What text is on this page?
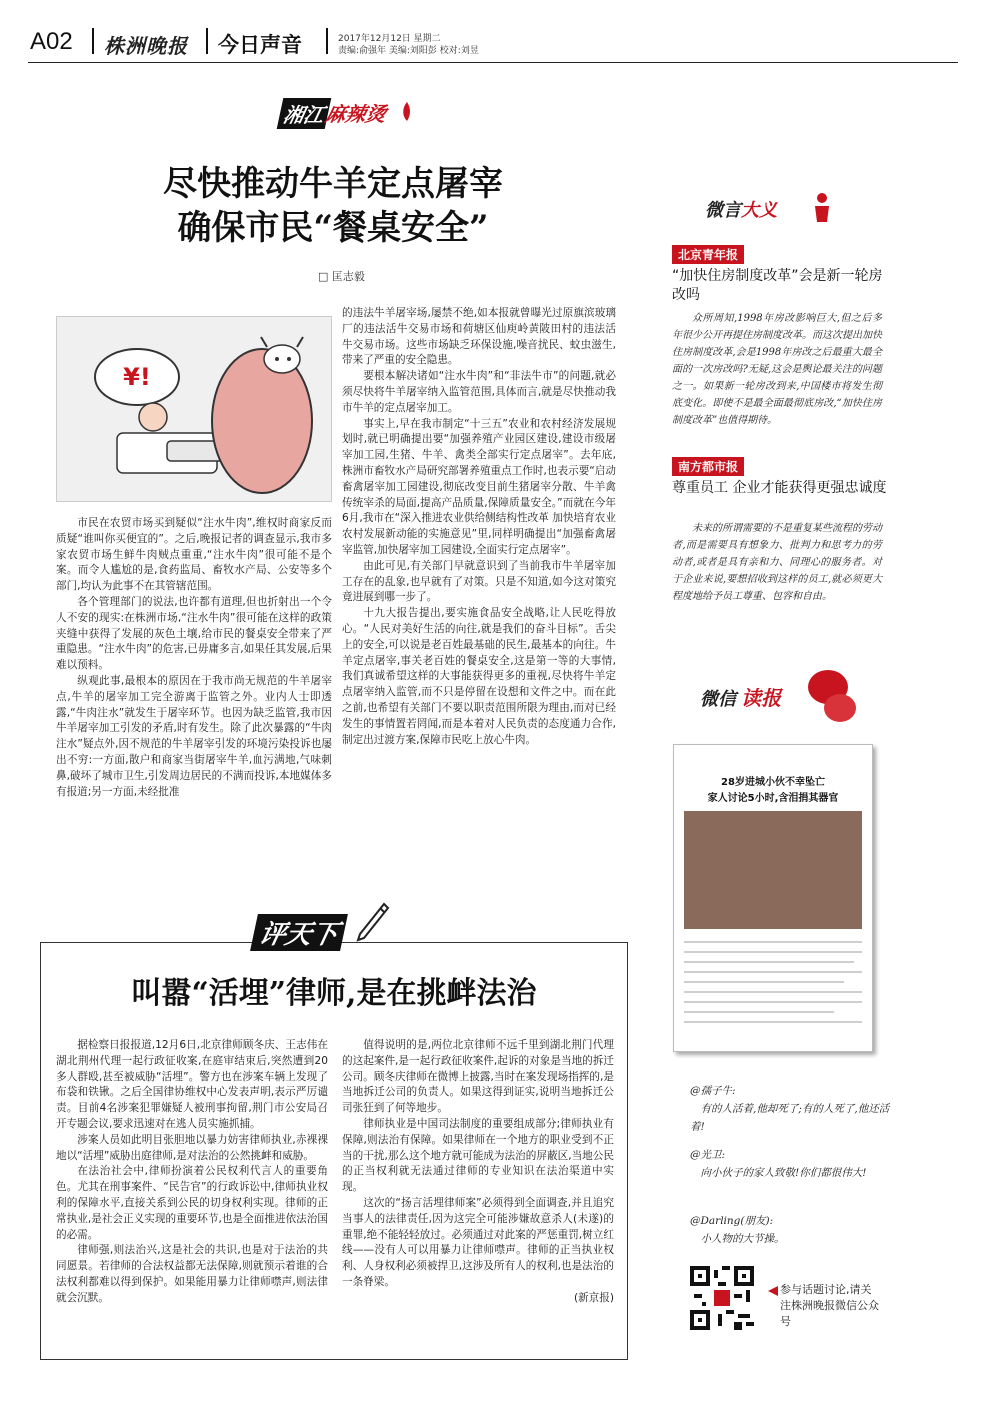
A02 株洲晚报 今日声音	2017年12月12日 星期二
责编:俞强年 美编:刘阳彭 校对:刘昱
湘江
麻辣烫
尽快推动牛羊定点屠宰
确保市民“餐桌安全”
□ 匡志毅
¥!

市民在农贸市场买到疑似“注水牛肉”,维权时商家反而质疑“谁叫你买便宜的”。之后,晚报记者的调查显示,我市多家农贸市场生鲜牛肉贼点重重,“注水牛肉”很可能不是个案。而令人尴尬的是,食药监局、畜牧水产局、公安等多个部门,均认为此事不在其管辖范围。

各个管理部门的说法,也许都有道理,但也折射出一个令人不安的现实:在株洲市场,“注水牛肉”很可能在这样的政策夹缝中获得了发展的灰色土壤,给市民的餐桌安全带来了严重隐患。“注水牛肉”的危害,已毋庸多言,如果任其发展,后果难以预料。

纵观此事,最根本的原因在于我市尚无规范的牛羊屠宰点,牛羊的屠宰加工完全游离于监管之外。业内人士即透露,“牛肉注水”就发生于屠宰环节。也因为缺乏监管,我市因牛羊屠宰加工引发的矛盾,时有发生。除了此次暴露的“牛肉注水”疑点外,因不规范的牛羊屠宰引发的环境污染投诉也屡出不穷:一方面,散户和商家当街屠宰牛羊,血污满地,气味刺鼻,破坏了城市卫生,引发周边居民的不满而投诉,本地媒体多有报道;另一方面,未经批准

的违法牛羊屠宰场,屡禁不绝,如本报就曾曝光过原旗滨玻璃厂的违法活牛交易市场和荷塘区仙庾岭黄陂田村的违法活牛交易市场。这些市场缺乏环保设施,噪音扰民、蚊虫滋生,带来了严重的安全隐患。

要根本解决诸如“注水牛肉”和“非法牛市”的问题,就必须尽快将牛羊屠宰纳入监管范围,具体而言,就是尽快推动我市牛羊的定点屠宰加工。

事实上,早在我市制定“十三五”农业和农村经济发展规划时,就已明确提出要“加强养殖产业园区建设,建设市级屠宰加工园,生猪、牛羊、禽类全部实行定点屠宰”。去年底,株洲市畜牧水产局研究部署养殖重点工作时,也表示要“启动畜禽屠宰加工园建设,彻底改变目前生猪屠宰分散、牛羊禽传统宰杀的局面,提高产品质量,保障质量安全。”而就在今年6月,我市在“深入推进农业供给侧结构性改革 加快培育农业农村发展新动能的实施意见”里,同样明确提出“加强畜禽屠宰监管,加快屠宰加工园建设,全面实行定点屠宰”。

由此可见,有关部门早就意识到了当前我市牛羊屠宰加工存在的乱象,也早就有了对策。只是不知道,如今这对策究竟进展到哪一步了。

十九大报告提出,要实施食品安全战略,让人民吃得放心。“人民对美好生活的向往,就是我们的奋斗目标”。舌尖上的安全,可以说是老百姓最基础的民生,最基本的向往。牛羊定点屠宰,事关老百姓的餐桌安全,这是第一等的大事情,我们真诚希望这样的大事能获得更多的重视,尽快将牛羊定点屠宰纳入监管,而不只是停留在设想和文件之中。而在此之前,也希望有关部门不要以职责范围所限为理由,而对已经发生的事情置若罔闻,而是本着对人民负责的态度通力合作,制定出过渡方案,保障市民吃上放心牛肉。

微言大义
北京青年报
“加快住房制度改革”会是新一轮房改吗
众所周知,1998年房改影响巨大,但之后多年很少公开再提住房制度改革。而这次提出加快住房制度改革,会是1998年房改之后最重大最全面的一次房改吗?无疑,这会是舆论最关注的问题之一。如果新一轮房改到来,中国楼市将发生彻底变化。即使不是最全面最彻底房改,“加快住房制度改革”也值得期待。
南方都市报
尊重员工 企业才能获得更强忠诚度
未来的所谓需要的不是重复某些流程的劳动者,而是需要具有想象力、批判力和思考力的劳动者,或者是具有亲和力、同理心的服务者。对于企业来说,要想招收到这样的员工,就必须更大程度地给予员工尊重、包容和自由。
微信 读报
28岁进城小伙不幸坠亡
家人讨论5小时,含泪捐其器官
@孺子牛:
有的人活着,他却死了;有的人死了,他还活着!
@光卫:
向小伙子的家人致敬!你们都很伟大!
@Darling(朋友):
小人物的大节操。
参与话题讨论,请关注株洲晚报微信公众号
评天下
叫嚣“活埋”律师,是在挑衅法治

据检察日报报道,12月6日,北京律师顾冬庆、王志伟在湖北荆州代理一起行政征收案,在庭审结束后,突然遭到20多人群殴,甚至被威胁“活埋”。警方也在涉案车辆上发现了布袋和铁锹。之后全国律协维权中心发表声明,表示严厉谴责。目前4名涉案犯罪嫌疑人被刑事拘留,荆门市公安局召开专题会议,要求迅速对在逃人员实施抓捕。

涉案人员如此明目张胆地以暴力妨害律师执业,赤裸裸地以“活埋”威胁出庭律师,是对法治的公然挑衅和威胁。

在法治社会中,律师扮演着公民权利代言人的重要角色。尤其在刑事案件、“民告官”的行政诉讼中,律师执业权利的保障水平,直接关系到公民的切身权利实现。律师的正常执业,是社会正义实现的重要环节,也是全面推进依法治国的必需。

律师强,则法治兴,这是社会的共识,也是对于法治的共同愿景。若律师的合法权益都无法保障,则就预示着谁的合法权利都难以得到保护。如果能用暴力让律师噤声,则法律就会沉默。

值得说明的是,两位北京律师不远千里到湖北荆门代理的这起案件,是一起行政征收案件,起诉的对象是当地的拆迁公司。顾冬庆律师在微博上披露,当时在案发现场指挥的,是当地拆迁公司的负责人。如果这得到证实,说明当地拆迁公司张狂到了何等地步。

律师执业是中国司法制度的重要组成部分;律师执业有保障,则法治有保障。如果律师在一个地方的职业受到不正当的干扰,那么这个地方就可能成为法治的屏蔽区,当地公民的正当权利就无法通过律师的专业知识在法治渠道中实现。

这次的“扬言活埋律师案”必须得到全面调查,并且追究当事人的法律责任,因为这完全可能涉嫌故意杀人(未遂)的重罪,绝不能轻轻放过。必须通过对此案的严惩重罚,树立红线——没有人可以用暴力让律师噤声。律师的正当执业权利、人身权利必须被捍卫,这涉及所有人的权利,也是法治的一条脊梁。

(新京报)
